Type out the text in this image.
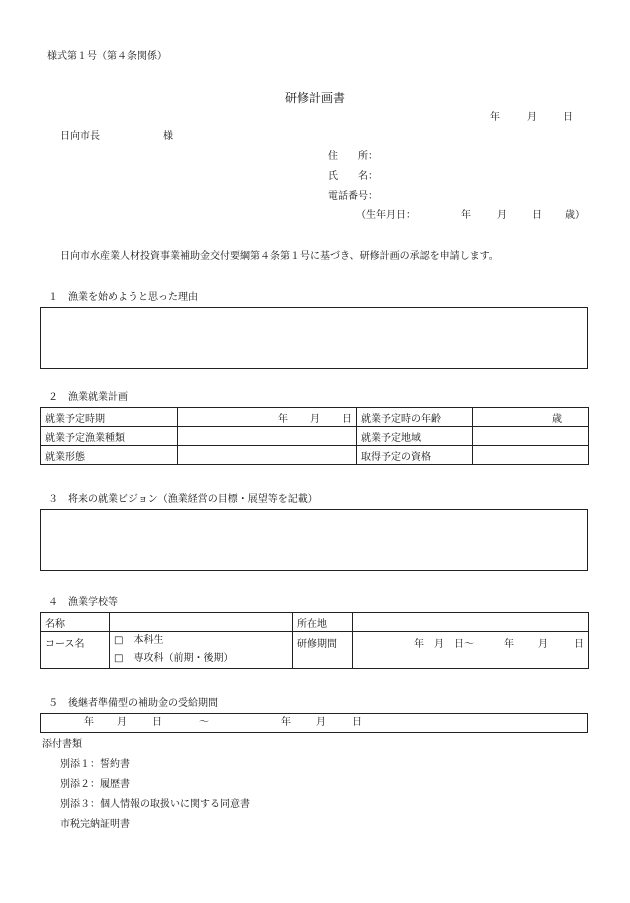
様式第１号（第４条関係）
研修計画書
年	月	日
日向市長	様
住　　所：
氏　　名：
電話番号：
（生年月日：	年	月	日 歳）
日向市水産業人材投資事業補助金交付要綱第４条第１号に基づき、研修計画の承認を申請します。
１　漁業を始めようと思った理由
２　漁業就業計画
就業予定時期	年 月 日	就業予定時の年齢	歳
就業予定漁業種類		就業予定地域	
就業形態		取得予定の資格	
３　将来の就業ビジョン（漁業経営の目標・展望等を記載）
４　漁業学校等
名称		所在地	
コース名	□　本科生
□　専攻科（前期・後期）	研修期間	年 月 日～ 年 月 日
５　後継者準備型の補助金の受給期間
年 月	日	～	年	月	日
添付書類
別添１：誓約書
別添２：履歴書
別添３：個人情報の取扱いに関する同意書
市税完納証明書
